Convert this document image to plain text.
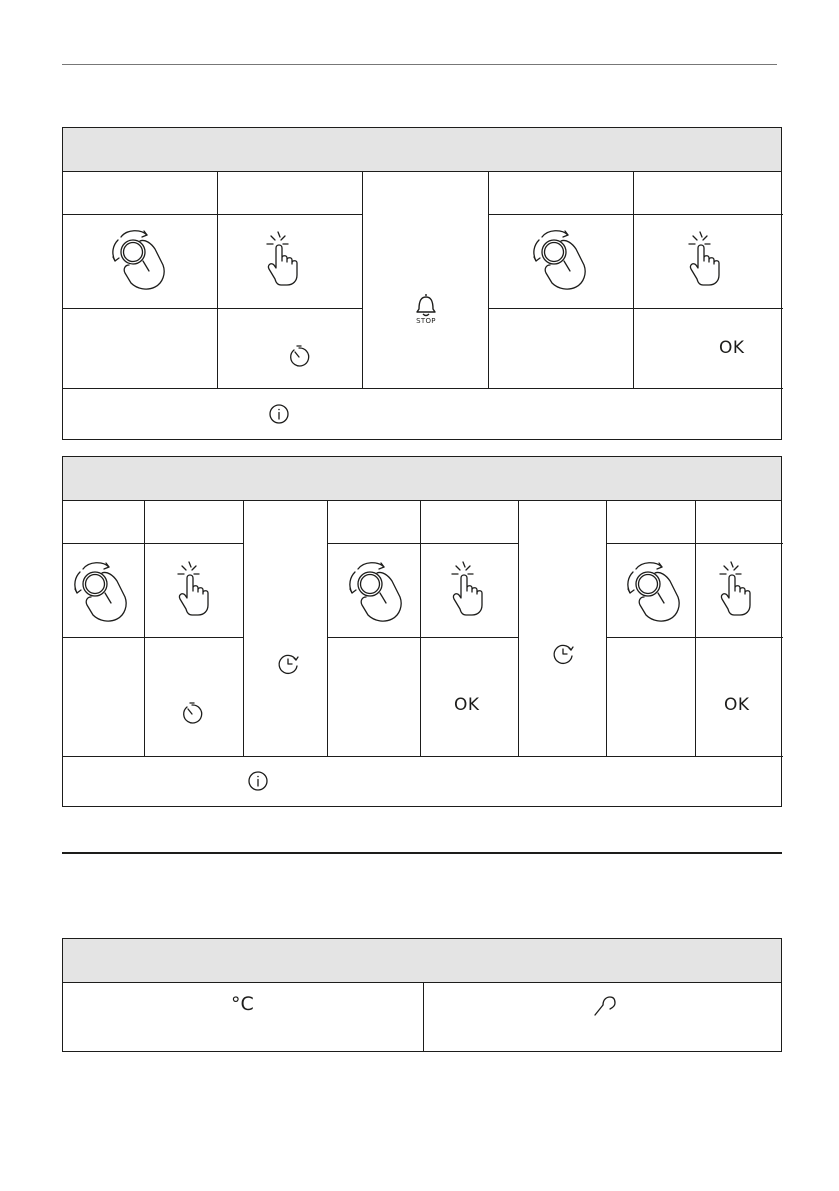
STOP
OK
OK	OK
°C
